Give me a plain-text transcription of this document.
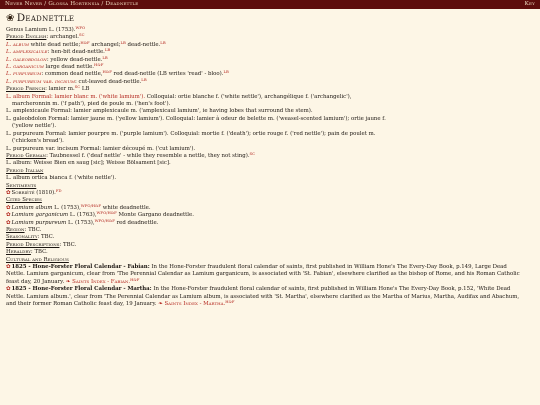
Never Never / Glossa Hortensia / Deadnettle	Key
❀ Deadnettle
Genus Lamium L. (1753).$^{WFO}$
Period English: archangel.$^{SC}$
L. album white dead nettle;$^{H\&F}$ archangel;$^{LB}$ dead-nettle.$^{LB}$
L. amplexicaule: hen-bit dead-nettle.$^{LB}$
L. galeobdolon: yellow dead-nettle.$^{LB}$
L. garganicum large dead nettle.$^{H\&F}$
L. purpureum: common dead nettle,$^{H\&F}$ red dead-nettle (LB writes 'read' - bloo).$^{LB}$
L. purpureum var. incisum: cut-leaved dead-nettle.$^{LB}$
Period French: lamier m.$^{SC}$ LB
L. album Formal: lamier blanc m. ('white lamium'). Colloquial: ortie blanche f. ('white nettle'), archangélique f. ('archangelic'),
marcheronnin m. ('f path'), pied de poule m. ('hen's foot').
L. amplexicaule Formal: lamier amplexicaule m. ('amplexicaul lamium', ie having lobes that surround the stem).
L. galeobdolon Formal: lamier jaune m. ('yellow lamium'). Colloquial: lamier à odeur de belette m. ('weasel-scented lamium'); ortie jaune f.
('yellow nettle').
L. purpureum Formal: lamier pourpre m. ('purple lamium'). Colloquial: mortie f. ('death'); ortie rouge f. ('red nettle'); pain de poulet m.
('chicken's bread').
L. purpureum var. incisum Formal: lamier découpé m. ('cut lamium').
Period German: Taubnessel f. ('deaf nettle' - while they resemble a nettle, they not sting).$^{SC}$
L. album: Weisse Bien en saug [sic]; Weisse Bölsament [sic].
Period Italian
L. album ortica bianca f. ('white nettle').
Sentiments
✿Sobriété (1810).$^{FD}$
Cited Species
✿Lamium album L. (1753),$^{WFO/H\&F}$ white deadnettle.
✿Lamium garganicum L. (1763),$^{WFO/H\&F}$ Monte Gargano deadnettle.
✿Lamium purpureum L. (1753),$^{WFO/H\&F}$ red deadnettle.
Region: TBC.
Seasonality: TBC.
Period Descriptions: TBC.
Heraldry: TBC.
Cultural and Religious
✿1825 - Hone-Forster Floral Calendar - Fabian: In the Hone-Forster fraudulent floral calendar of saints, first published in William Hone's The Every-Day Book, p.149, Large Dead Nettle. Lamium garganicum, clear from 'The Perennial Calendar as Lamium garganicum, is associated with 'St. Fabian', elsewhere clarified as the bishop of Rome, and his Roman Catholic feast day, 20 January. ❧ Saints Index - Fabian.$^{H\&F}$
✿1825 - Hone-Forster Floral Calendar - Martha: In the Hone-Forster fraudulent floral calendar of saints, first published in William Hone's The Every-Day Book, p.152, 'White Dead Nettle. Lamium album.', clear from 'The Perennial Calendar as Lamium album, is associated with 'St. Martha', elsewhere clarified as the Martha of Marius, Martha, Audifax and Abachum, and their former Roman Catholic feast day, 19 January. ❧ Saints Index - Martha.$^{H\&F}$
